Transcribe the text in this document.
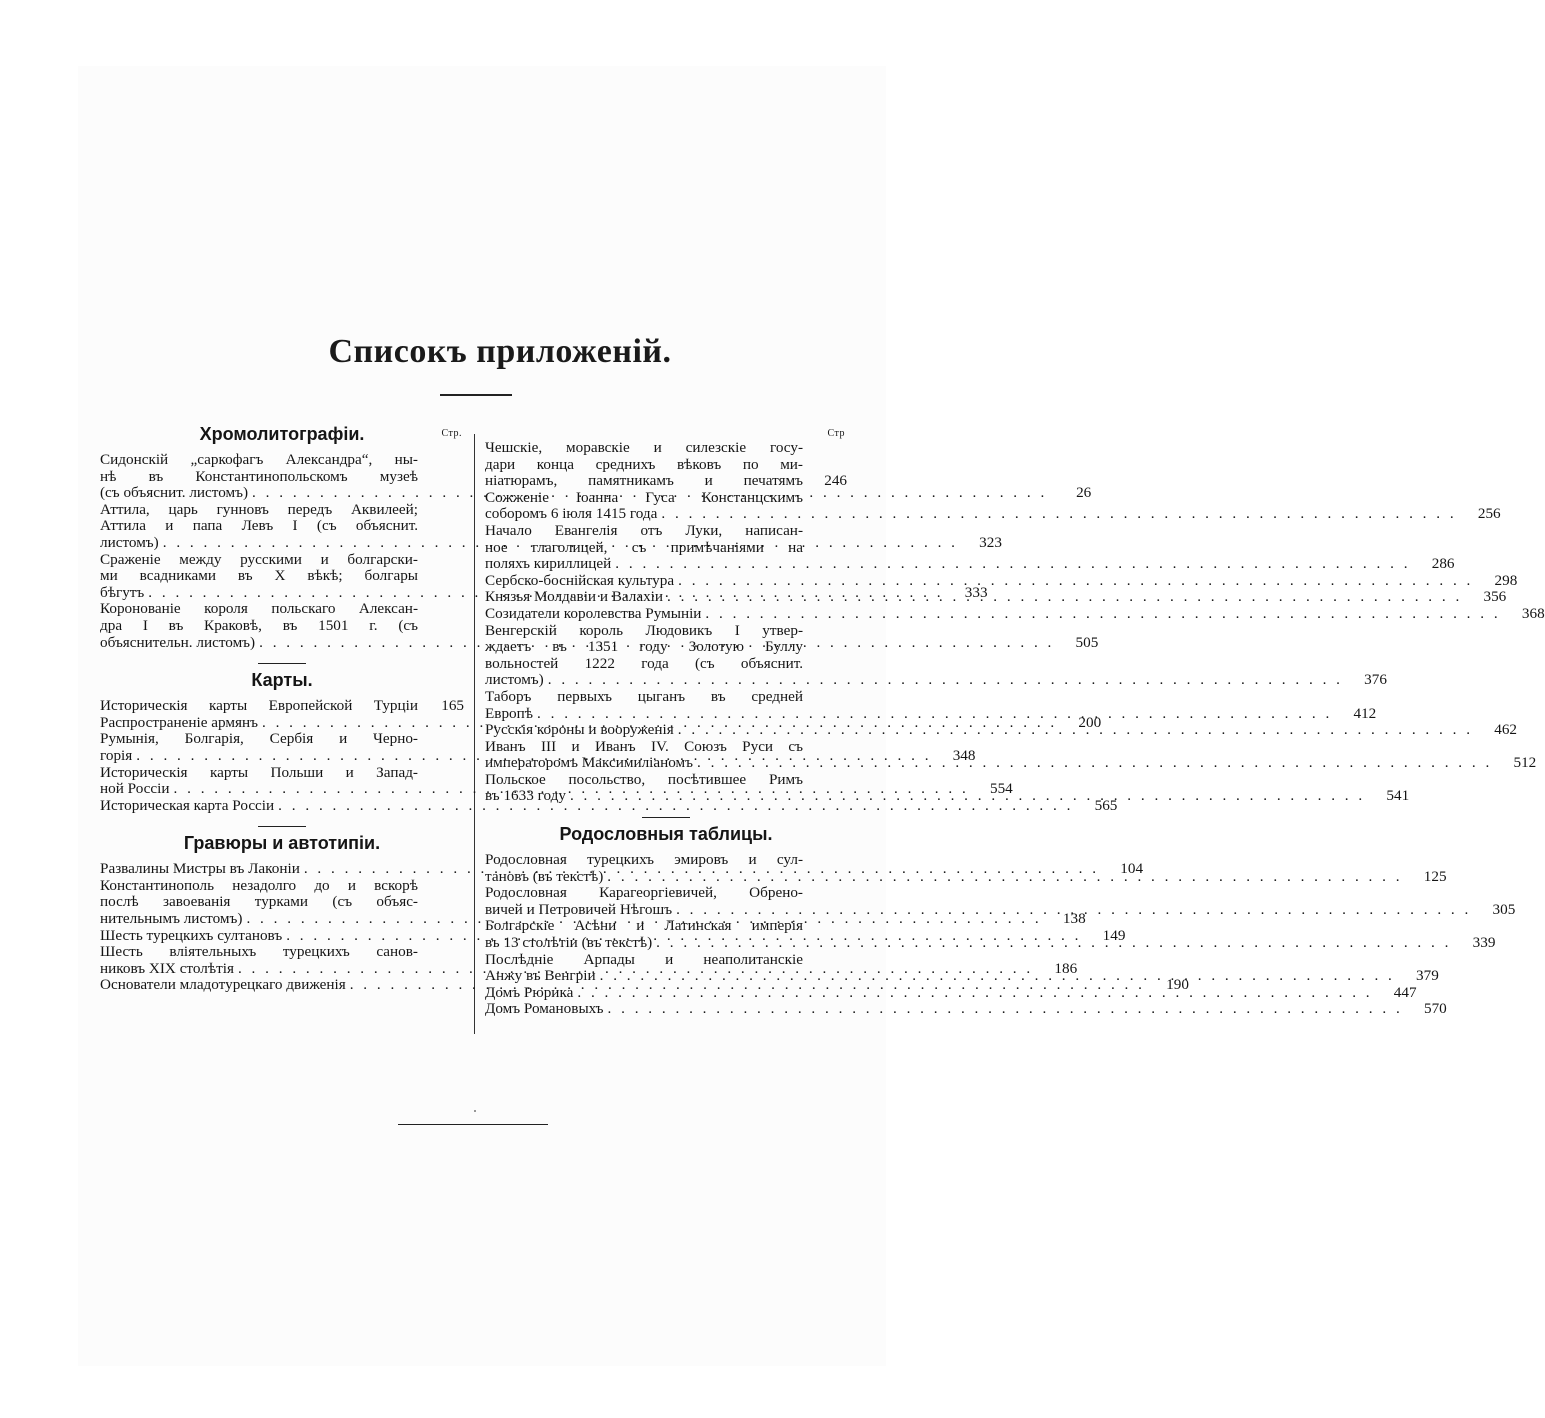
Списокъ приложеній.
Хромолитографіи.	Стр.
Сидонскій „саркофагъ Александра“, ны-
нѣ въ Константинопольскомъ музеѣ
(съ объяснит. листомъ) . . .	26
Аттила, царь гунновъ передъ Аквилеей;
Аттила и папа Левъ I (съ объяснит.
листомъ) . . .	323
Сраженіе между русскими и болгарски-
ми всадниками въ X вѣкѣ; болгары
бѣгутъ . . .	333
Коронованіе короля польскаго Алексан-
дра I въ Краковѣ, въ 1501 г. (съ
объяснительн. листомъ) . . .	505
Карты.
Историческія карты Европейской Турціи	165
Распространеніе армянъ . . .	200
Румынія, Болгарія, Сербія и Черно-
горія . . .	348
Историческія карты Польши и Запад-
ной Россіи . . .	554
Историческая карта Россіи . . .	565
Гравюры и автотипіи.
Развалины Мистры въ Лаконіи . . .	104
Константинополь незадолго до и вскорѣ
послѣ завоеванія турками (съ объяс-
нительнымъ листомъ) . . .	138
Шесть турецкихъ султановъ . . .	149
Шесть вліятельныхъ турецкихъ санов-
никовъ XIX столѣтія . . .	186
Основатели младотурецкаго движенія . . .	190
Стр
Чешскіе, моравскіе и силезскіе госу-
дари конца среднихъ вѣковъ по ми-
ніатюрамъ, памятникамъ и печатямъ	246
Сожженіе Іоанна Гуса Констанцскимъ
соборомъ 6 іюля 1415 года . . .	256
Начало Евангелія отъ Луки, написан-
ное глаголицей, съ примѣчаніями на
поляхъ кириллицей . . .	286
Сербско-боснійская культура . . .	298
Князья Молдавіи и Валахіи . . .	356
Созидатели королевства Румыніи . . .	368
Венгерскій король Людовикъ I утвер-
ждаетъ въ 1351 году Золотую Буллу
вольностей 1222 года (съ объяснит.
листомъ) . . .	376
Таборъ первыхъ цыганъ въ средней
Европѣ . . .	412
Русскія короны и вооруженія . . .	462
Иванъ III и Иванъ IV. Союзъ Руси съ
императоромъ Максимиліаномъ . . .	512
Польское посольство, посѣтившее Римъ
въ 1633 году . . .	541
Родословныя таблицы.
Родословная турецкихъ эмировъ и сул-
тановъ (въ текстѣ) . . .	125
Родословная Карагеоргіевичей, Обрено-
вичей и Петровичей Нѣгошъ . . .	305
Болгарскіе Асѣни и Латинская имперія
въ 13 столѣтіи (въ текстѣ) . . .	339
Послѣдніе Арпады и неаполитанскіе
Анжу въ Венгріи . . .	379
Домъ Рюрика . . .	447
Домъ Романовыхъ . . .	570
